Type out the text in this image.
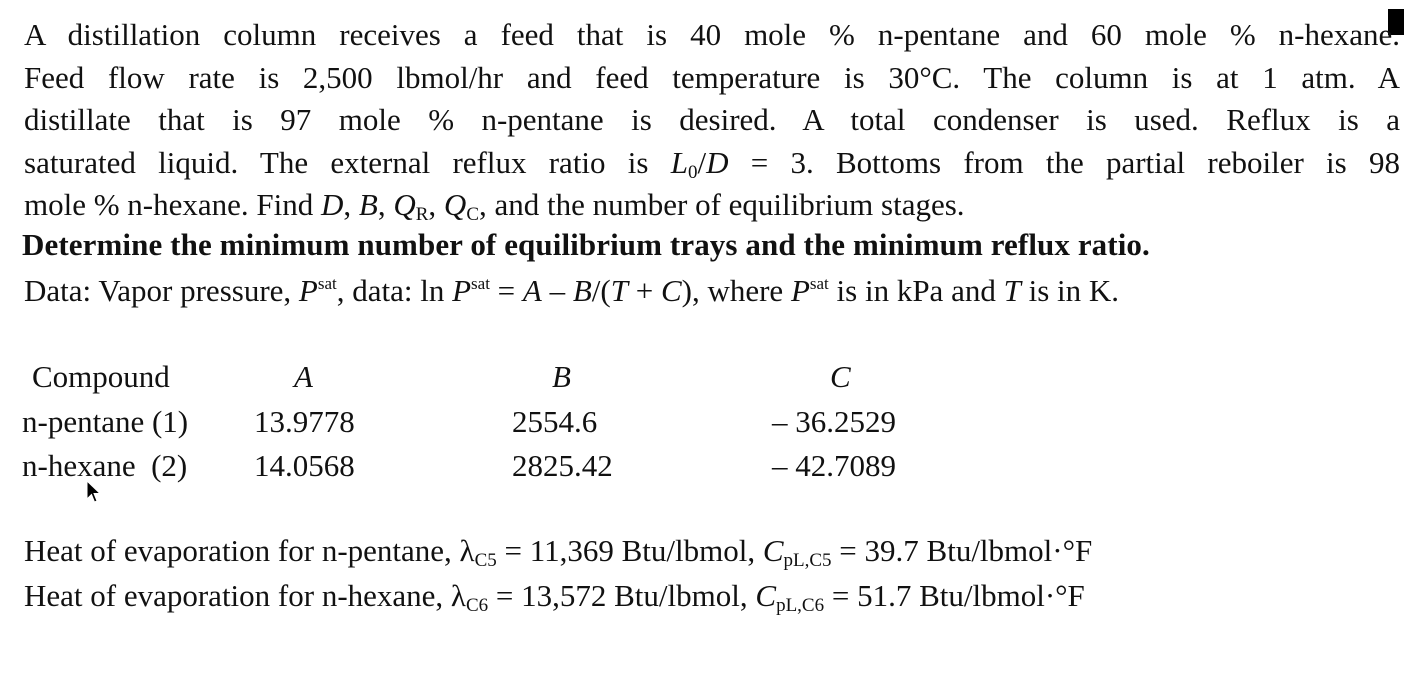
A distillation column receives a feed that is 40 mole % n-pentane and 60 mole % n-hexane.
Feed flow rate is 2,500 lbmol/hr and feed temperature is 30°C. The column is at 1 atm. A
distillate that is 97 mole % n-pentane is desired. A total condenser is used. Reflux is a
saturated liquid. The external reflux ratio is $L_0/D = 3$. Bottoms from the partial reboiler is 98
mole % n-hexane. Find D, B, $Q_R$, $Q_C$, and the number of equilibrium stages.
Determine the minimum number of equilibrium trays and the minimum reflux ratio.
Data: Vapor pressure, $P^{sat}$, data: $\ln P^{sat} = A - B/(T + C)$, where $P^{sat}$ is in kPa and T is in K.
Compound	A	B	C
n-pentane (1)	13.9778	2554.6	– 36.2529
n-hexane  (2)	14.0568	2825.42	– 42.7089
Heat of evaporation for n-pentane, $\lambda_{C5} = 11,369$ Btu/lbmol, $C_{pL,C5} = 39.7$ Btu/lbmol·°F
Heat of evaporation for n-hexane, $\lambda_{C6} = 13,572$ Btu/lbmol, $C_{pL,C6} = 51.7$ Btu/lbmol·°F
